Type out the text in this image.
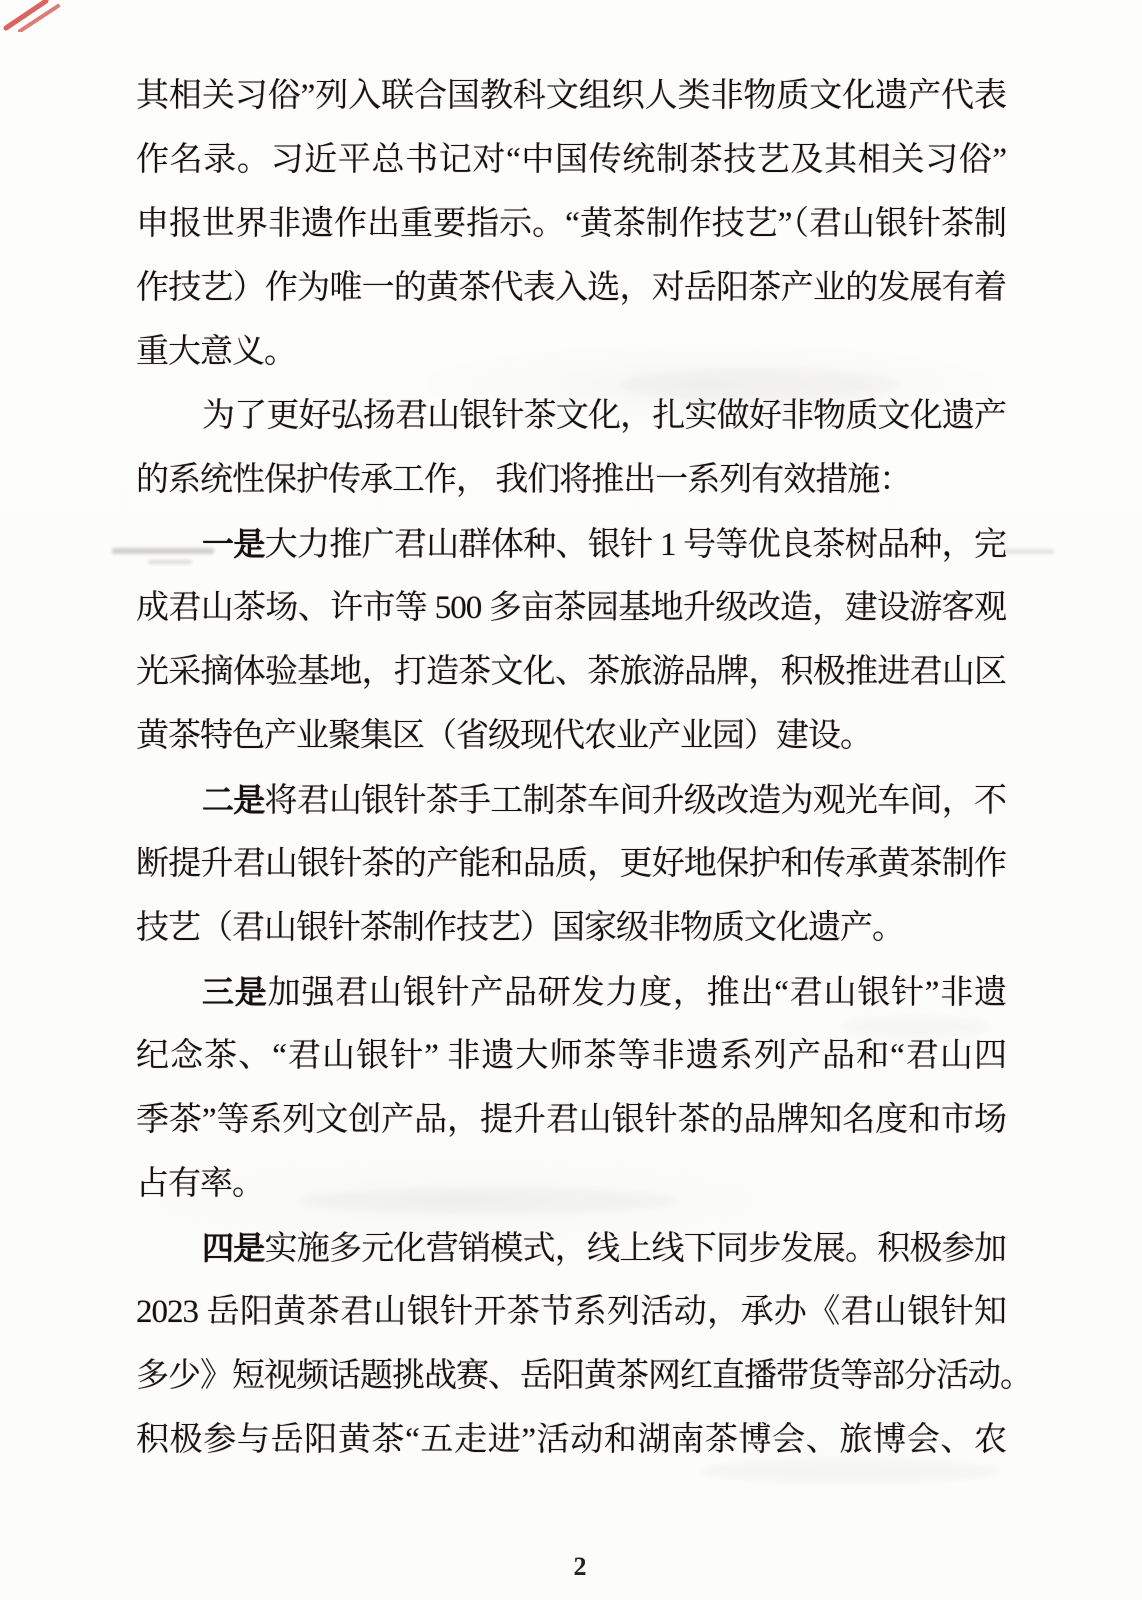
其相关习俗”列入联合国教科文组织人类非物质文化遗产代表
作名录。习近平总书记对“中国传统制茶技艺及其相关习俗”
申报世界非遗作出重要指示。“黄茶制作技艺”（君山银针茶制
作技艺）作为唯一的黄茶代表入选，对岳阳茶产业的发展有着
重大意义。
为了更好弘扬君山银针茶文化，扎实做好非物质文化遗产
的系统性保护传承工作， 我们将推出一系列有效措施：
一是大力推广君山群体种、银针 1 号等优良茶树品种，完
成君山茶场、许市等 500 多亩茶园基地升级改造，建设游客观
光采摘体验基地，打造茶文化、茶旅游品牌，积极推进君山区
黄茶特色产业聚集区（省级现代农业产业园）建设。
二是将君山银针茶手工制茶车间升级改造为观光车间，不
断提升君山银针茶的产能和品质，更好地保护和传承黄茶制作
技艺（君山银针茶制作技艺）国家级非物质文化遗产。
三是加强君山银针产品研发力度，推出“君山银针”非遗
纪念茶、“君山银针” 非遗大师茶等非遗系列产品和“君山四
季茶”等系列文创产品，提升君山银针茶的品牌知名度和市场
占有率。
四是实施多元化营销模式，线上线下同步发展。积极参加
2023 岳阳黄茶君山银针开茶节系列活动，承办《君山银针知
多少》短视频话题挑战赛、岳阳黄茶网红直播带货等部分活动。
积极参与岳阳黄茶“五走进”活动和湖南茶博会、旅博会、农
2
